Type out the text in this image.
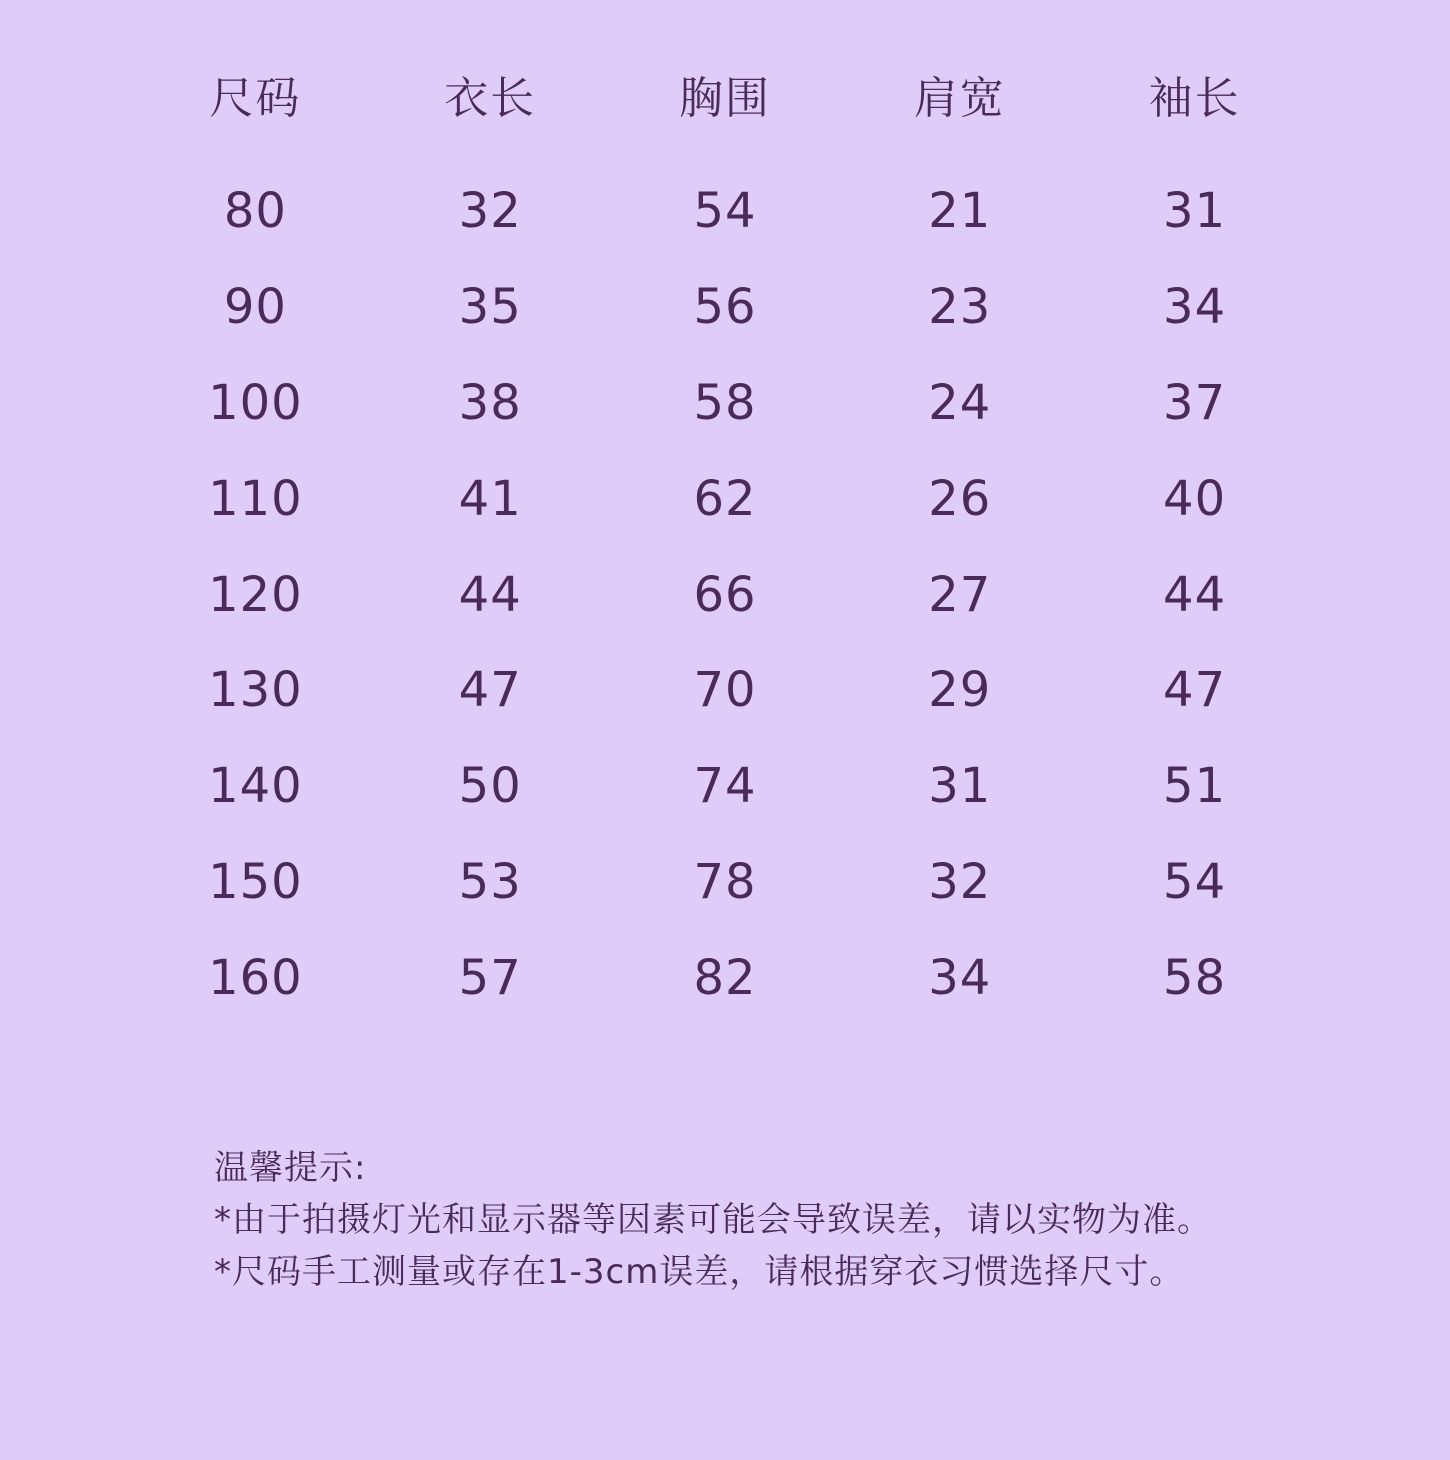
尺码	衣长	胸围	肩宽	袖长
80	32	54	21	31
90	35	56	23	34
100	38	58	24	37
110	41	62	26	40
120	44	66	27	44
130	47	70	29	47
140	50	74	31	51
150	53	78	32	54
160	57	82	34	58
温馨提示:
*由于拍摄灯光和显示器等因素可能会导致误差，请以实物为准。
*尺码手工测量或存在1-3cm误差，请根据穿衣习惯选择尺寸。
